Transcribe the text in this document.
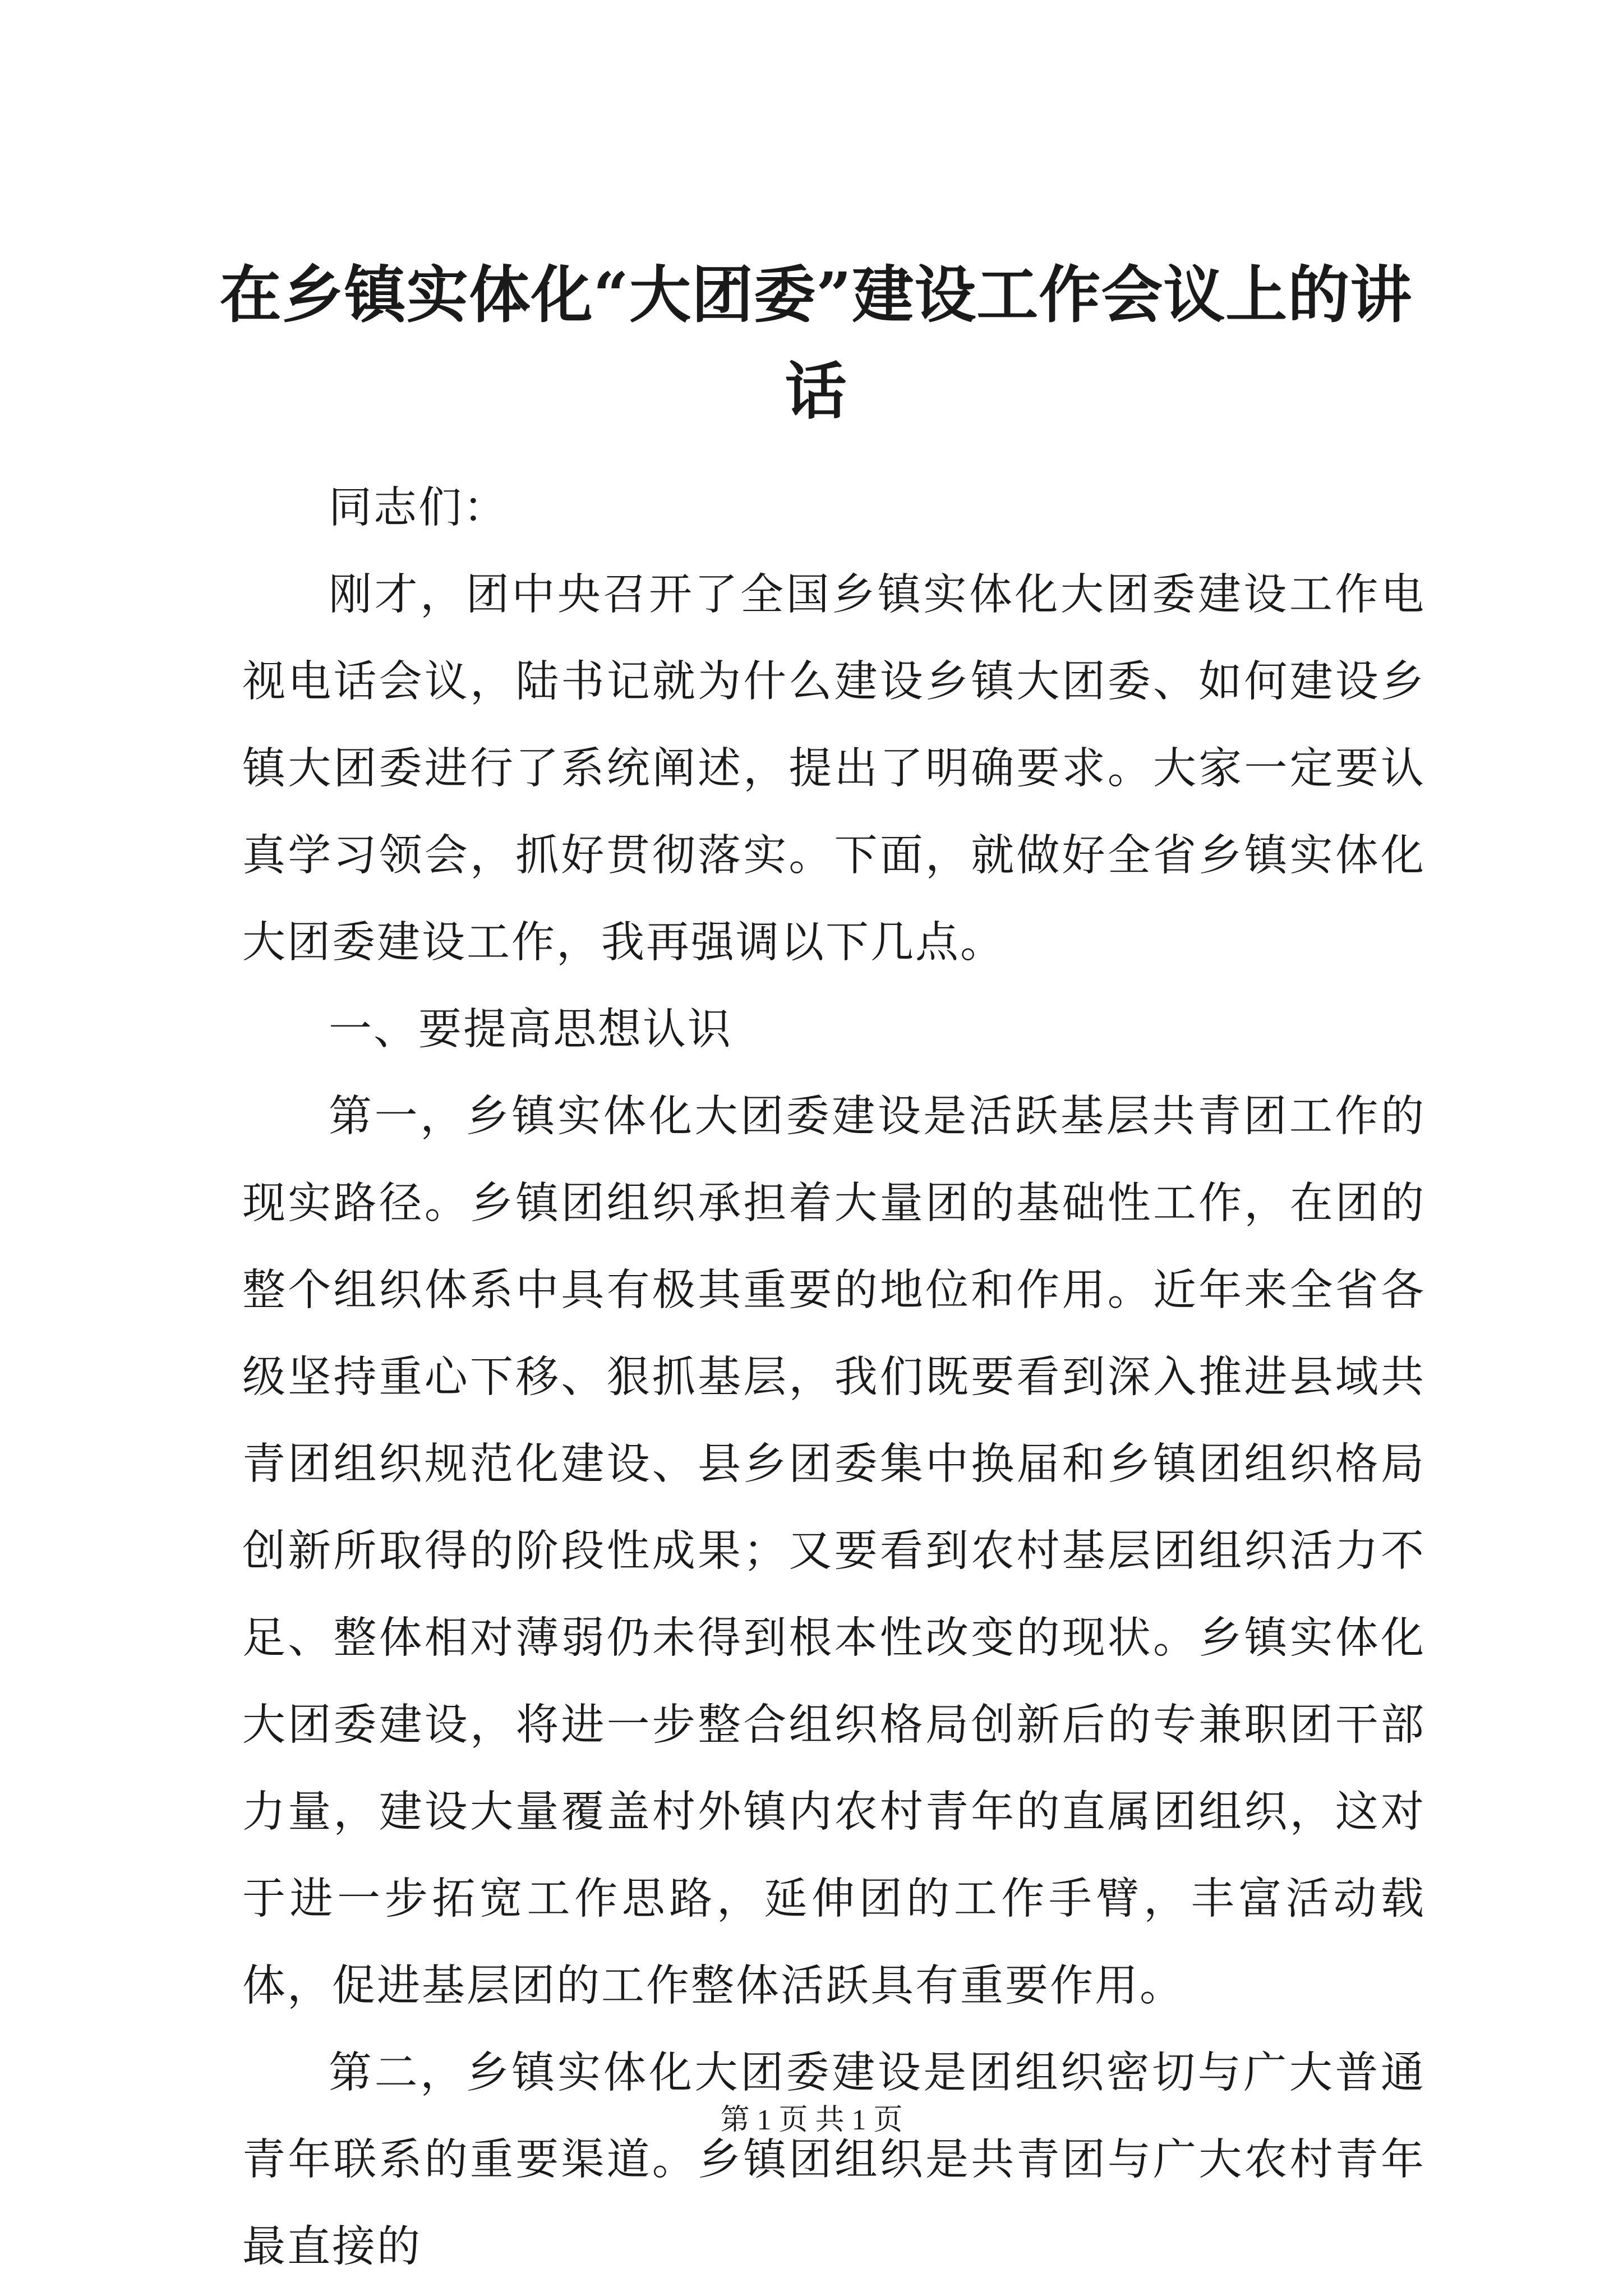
在乡镇实体化“大团委”建设工作会议上的讲话

同志们：

刚才，团中央召开了全国乡镇实体化大团委建设工作电视电话会议，陆书记就为什么建设乡镇大团委、如何建设乡镇大团委进行了系统阐述，提出了明确要求。大家一定要认真学习领会，抓好贯彻落实。下面，就做好全省乡镇实体化大团委建设工作，我再强调以下几点。

一、要提高思想认识

第一，乡镇实体化大团委建设是活跃基层共青团工作的现实路径。乡镇团组织承担着大量团的基础性工作，在团的整个组织体系中具有极其重要的地位和作用。近年来全省各级坚持重心下移、狠抓基层，我们既要看到深入推进县域共青团组织规范化建设、县乡团委集中换届和乡镇团组织格局创新所取得的阶段性成果；又要看到农村基层团组织活力不足、整体相对薄弱仍未得到根本性改变的现状。乡镇实体化大团委建设，将进一步整合组织格局创新后的专兼职团干部力量，建设大量覆盖村外镇内农村青年的直属团组织，这对于进一步拓宽工作思路，延伸团的工作手臂，丰富活动载体，促进基层团的工作整体活跃具有重要作用。

第二，乡镇实体化大团委建设是团组织密切与广大普通青年联系的重要渠道。乡镇团组织是共青团与广大农村青年最直接的

第 1 页 共 1 页
